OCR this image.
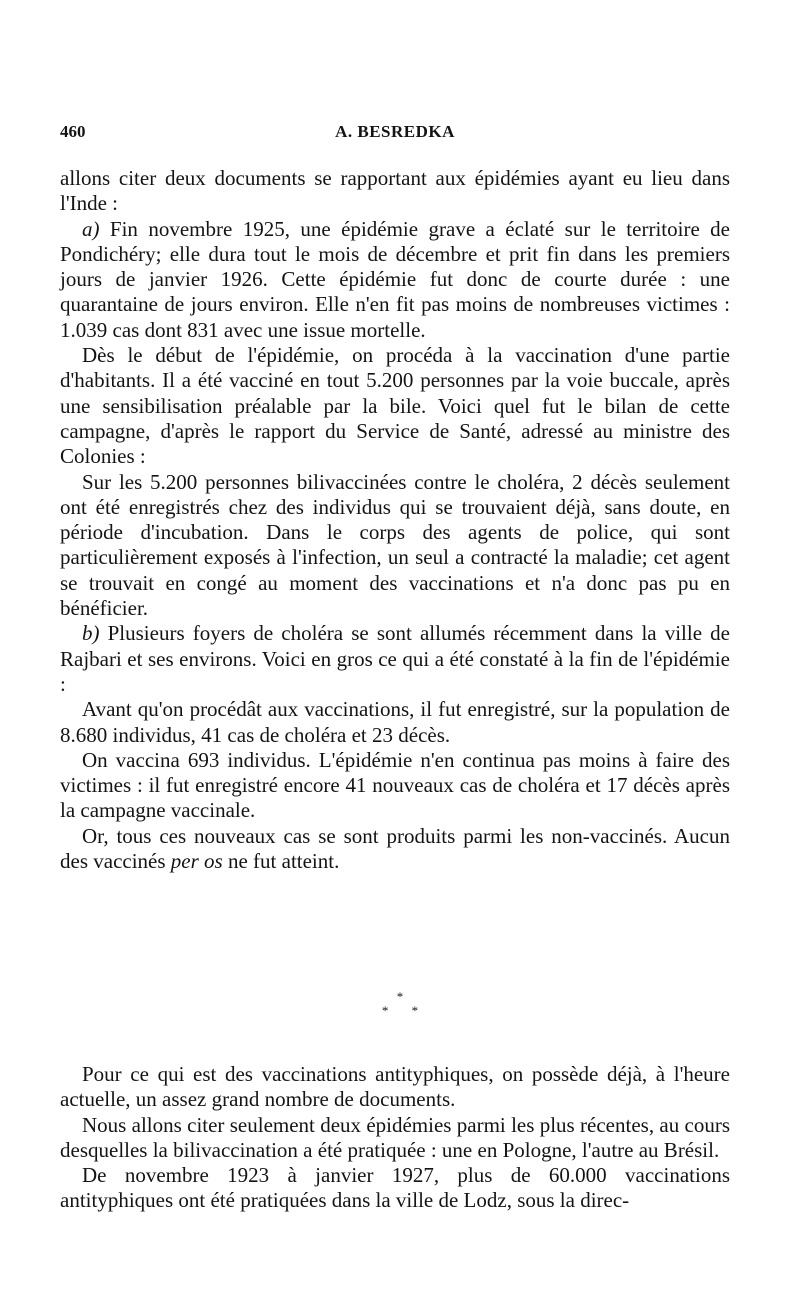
460	A. BESREDKA

allons citer deux documents se rapportant aux épidémies ayant eu lieu dans l'Inde :

a) Fin novembre 1925, une épidémie grave a éclaté sur le territoire de Pondichéry; elle dura tout le mois de décembre et prit fin dans les premiers jours de janvier 1926. Cette épidémie fut donc de courte durée : une quarantaine de jours environ. Elle n'en fit pas moins de nombreuses victimes : 1.039 cas dont 831 avec une issue mortelle.

Dès le début de l'épidémie, on procéda à la vaccination d'une partie d'habitants. Il a été vacciné en tout 5.200 personnes par la voie buccale, après une sensibilisation préalable par la bile. Voici quel fut le bilan de cette campagne, d'après le rapport du Service de Santé, adressé au ministre des Colonies :

Sur les 5.200 personnes bilivaccinées contre le choléra, 2 décès seulement ont été enregistrés chez des individus qui se trouvaient déjà, sans doute, en période d'incubation. Dans le corps des agents de police, qui sont particulièrement exposés à l'infection, un seul a contracté la maladie; cet agent se trouvait en congé au moment des vaccinations et n'a donc pas pu en bénéficier.

b) Plusieurs foyers de choléra se sont allumés récemment dans la ville de Rajbari et ses environs. Voici en gros ce qui a été constaté à la fin de l'épidémie :

Avant qu'on procédât aux vaccinations, il fut enregistré, sur la population de 8.680 individus, 41 cas de choléra et 23 décès.

On vaccina 693 individus. L'épidémie n'en continua pas moins à faire des victimes : il fut enregistré encore 41 nouveaux cas de choléra et 17 décès après la campagne vaccinale.

Or, tous ces nouveaux cas se sont produits parmi les non-vaccinés. Aucun des vaccinés per os ne fut atteint.

*
* *

Pour ce qui est des vaccinations antityphiques, on possède déjà, à l'heure actuelle, un assez grand nombre de documents.

Nous allons citer seulement deux épidémies parmi les plus récentes, au cours desquelles la bilivaccination a été pratiquée : une en Pologne, l'autre au Brésil.

De novembre 1923 à janvier 1927, plus de 60.000 vaccinations antityphiques ont été pratiquées dans la ville de Lodz, sous la direc-
